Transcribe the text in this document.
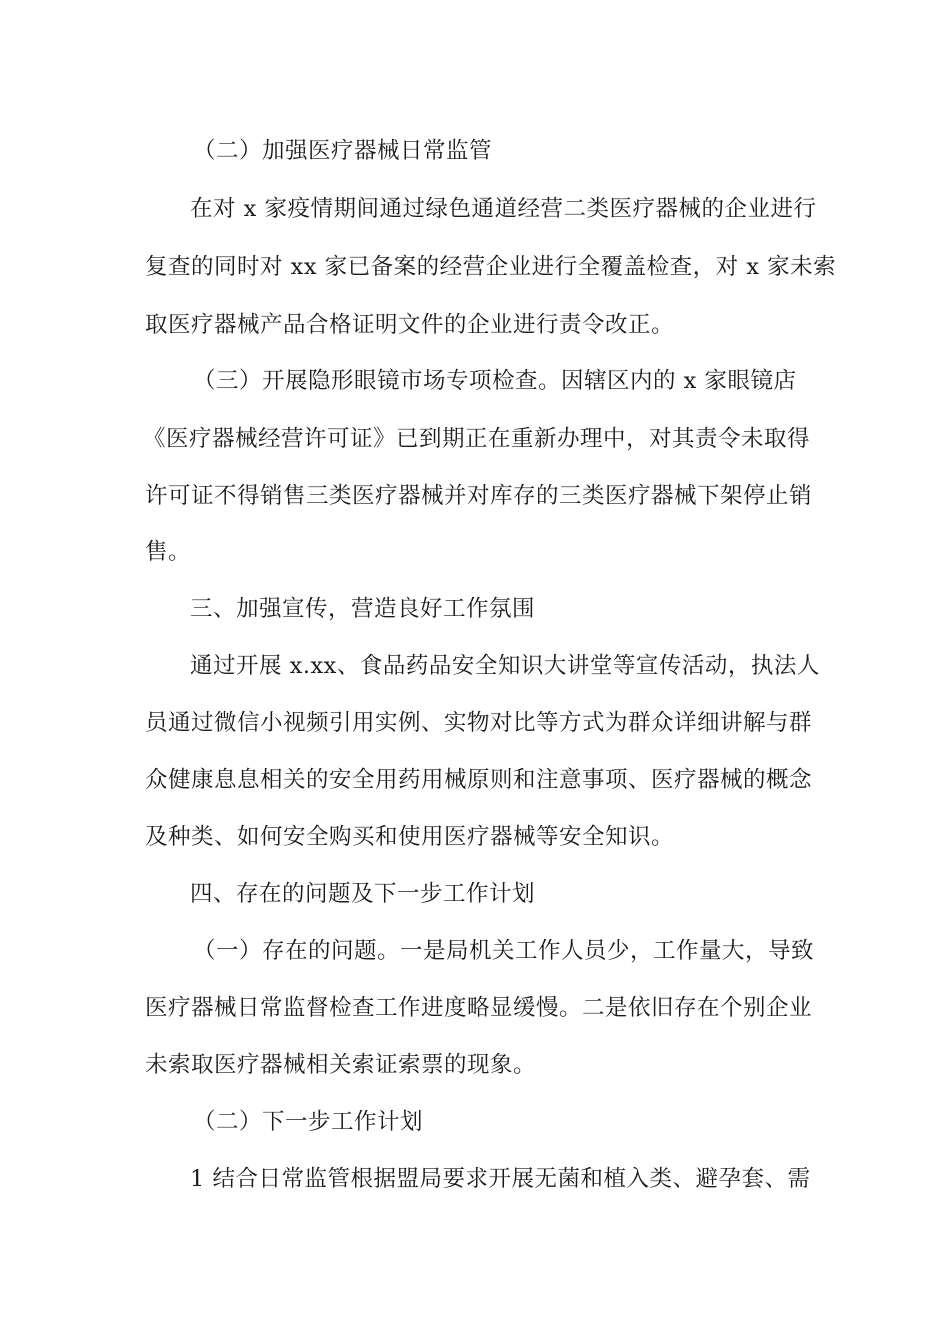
（二）加强医疗器械日常监管
在对 x 家疫情期间通过绿色通道经营二类医疗器械的企业进行
复查的同时对 xx 家已备案的经营企业进行全覆盖检查，对 x 家未索
取医疗器械产品合格证明文件的企业进行责令改正。
（三）开展隐形眼镜市场专项检查。因辖区内的 x 家眼镜店
《医疗器械经营许可证》已到期正在重新办理中，对其责令未取得
许可证不得销售三类医疗器械并对库存的三类医疗器械下架停止销
售。
三、加强宣传，营造良好工作氛围
通过开展 x.xx、食品药品安全知识大讲堂等宣传活动，执法人
员通过微信小视频引用实例、实物对比等方式为群众详细讲解与群
众健康息息相关的安全用药用械原则和注意事项、医疗器械的概念
及种类、如何安全购买和使用医疗器械等安全知识。
四、存在的问题及下一步工作计划
（一）存在的问题。一是局机关工作人员少，工作量大，导致
医疗器械日常监督检查工作进度略显缓慢。二是依旧存在个别企业
未索取医疗器械相关索证索票的现象。
（二）下一步工作计划
1 结合日常监管根据盟局要求开展无菌和植入类、避孕套、需
